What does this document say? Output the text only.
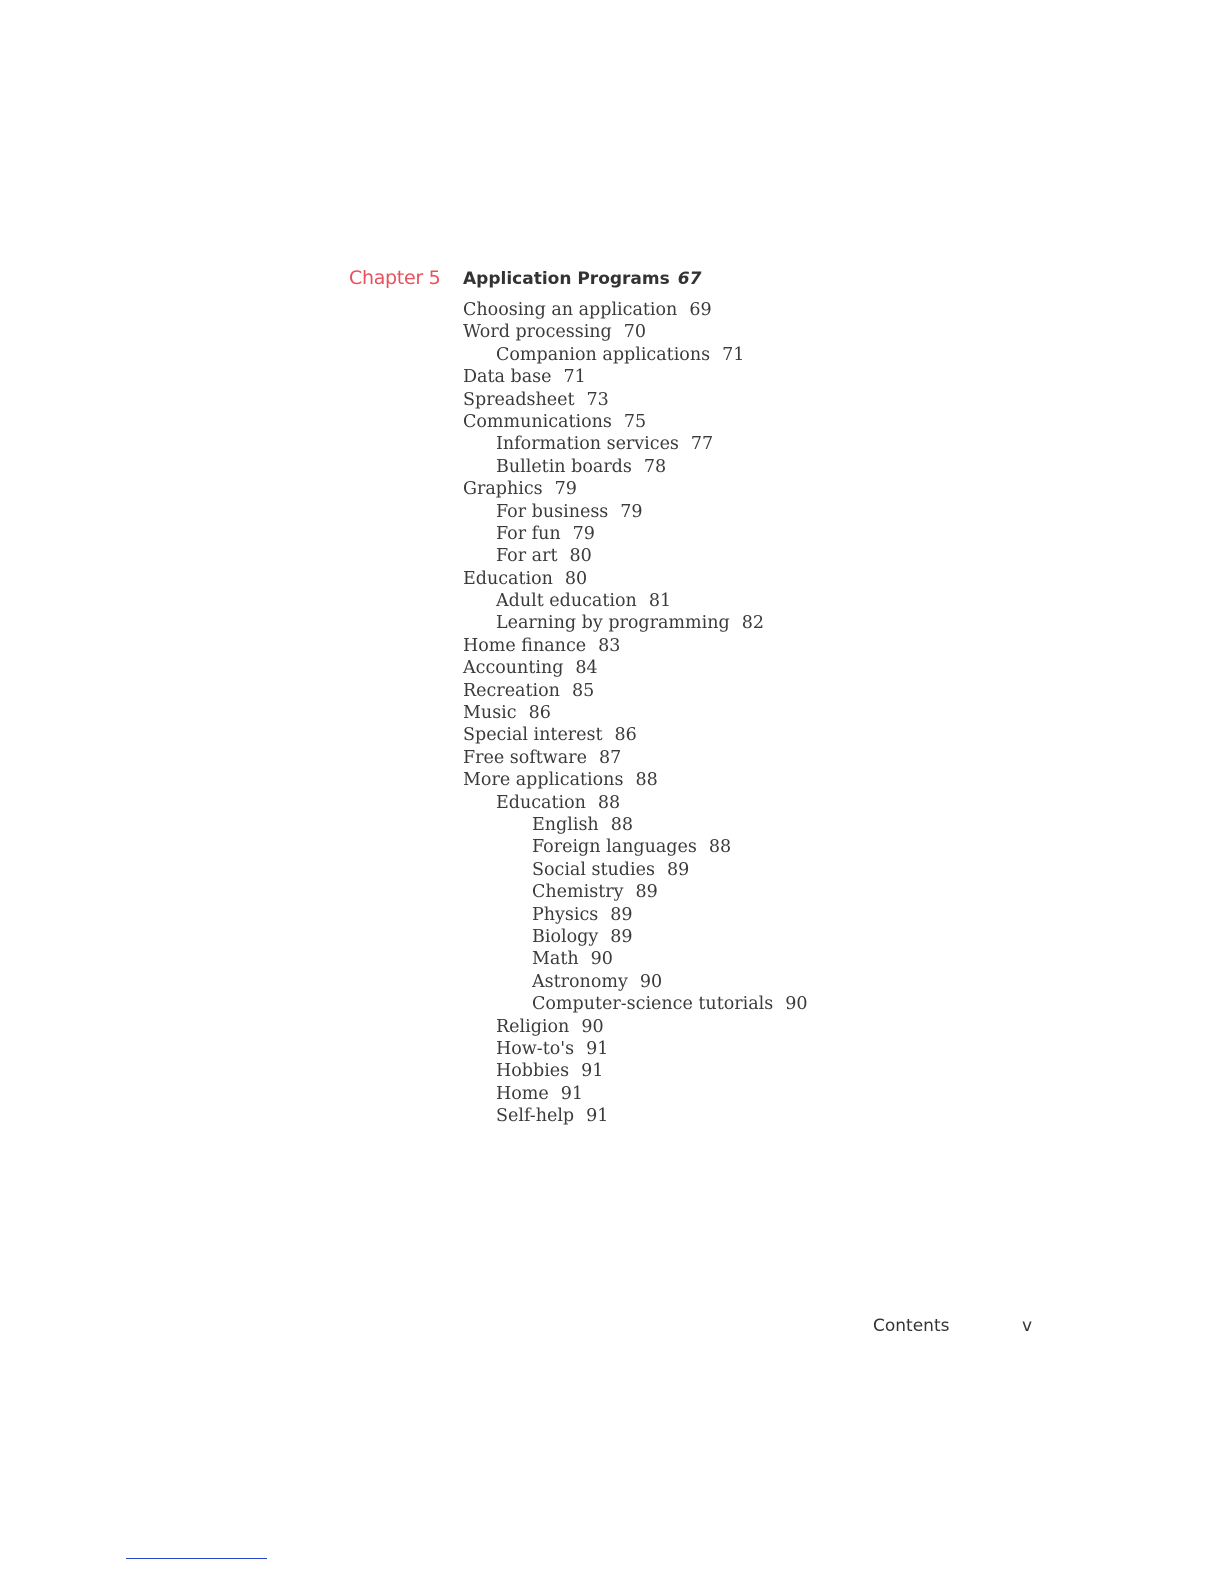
Chapter 5 Application Programs 67
Choosing an application 69
Word processing 70
Companion applications 71
Data base 71
Spreadsheet 73
Communications 75
Information services 77
Bulletin boards 78
Graphics 79
For business 79
For fun 79
For art 80
Education 80
Adult education 81
Learning by programming 82
Home finance 83
Accounting 84
Recreation 85
Music 86
Special interest 86
Free software 87
More applications 88
Education 88
English 88
Foreign languages 88
Social studies 89
Chemistry 89
Physics 89
Biology 89
Math 90
Astronomy 90
Computer-science tutorials 90
Religion 90
How-to's 91
Hobbies 91
Home 91
Self-help 91
Contents	v
